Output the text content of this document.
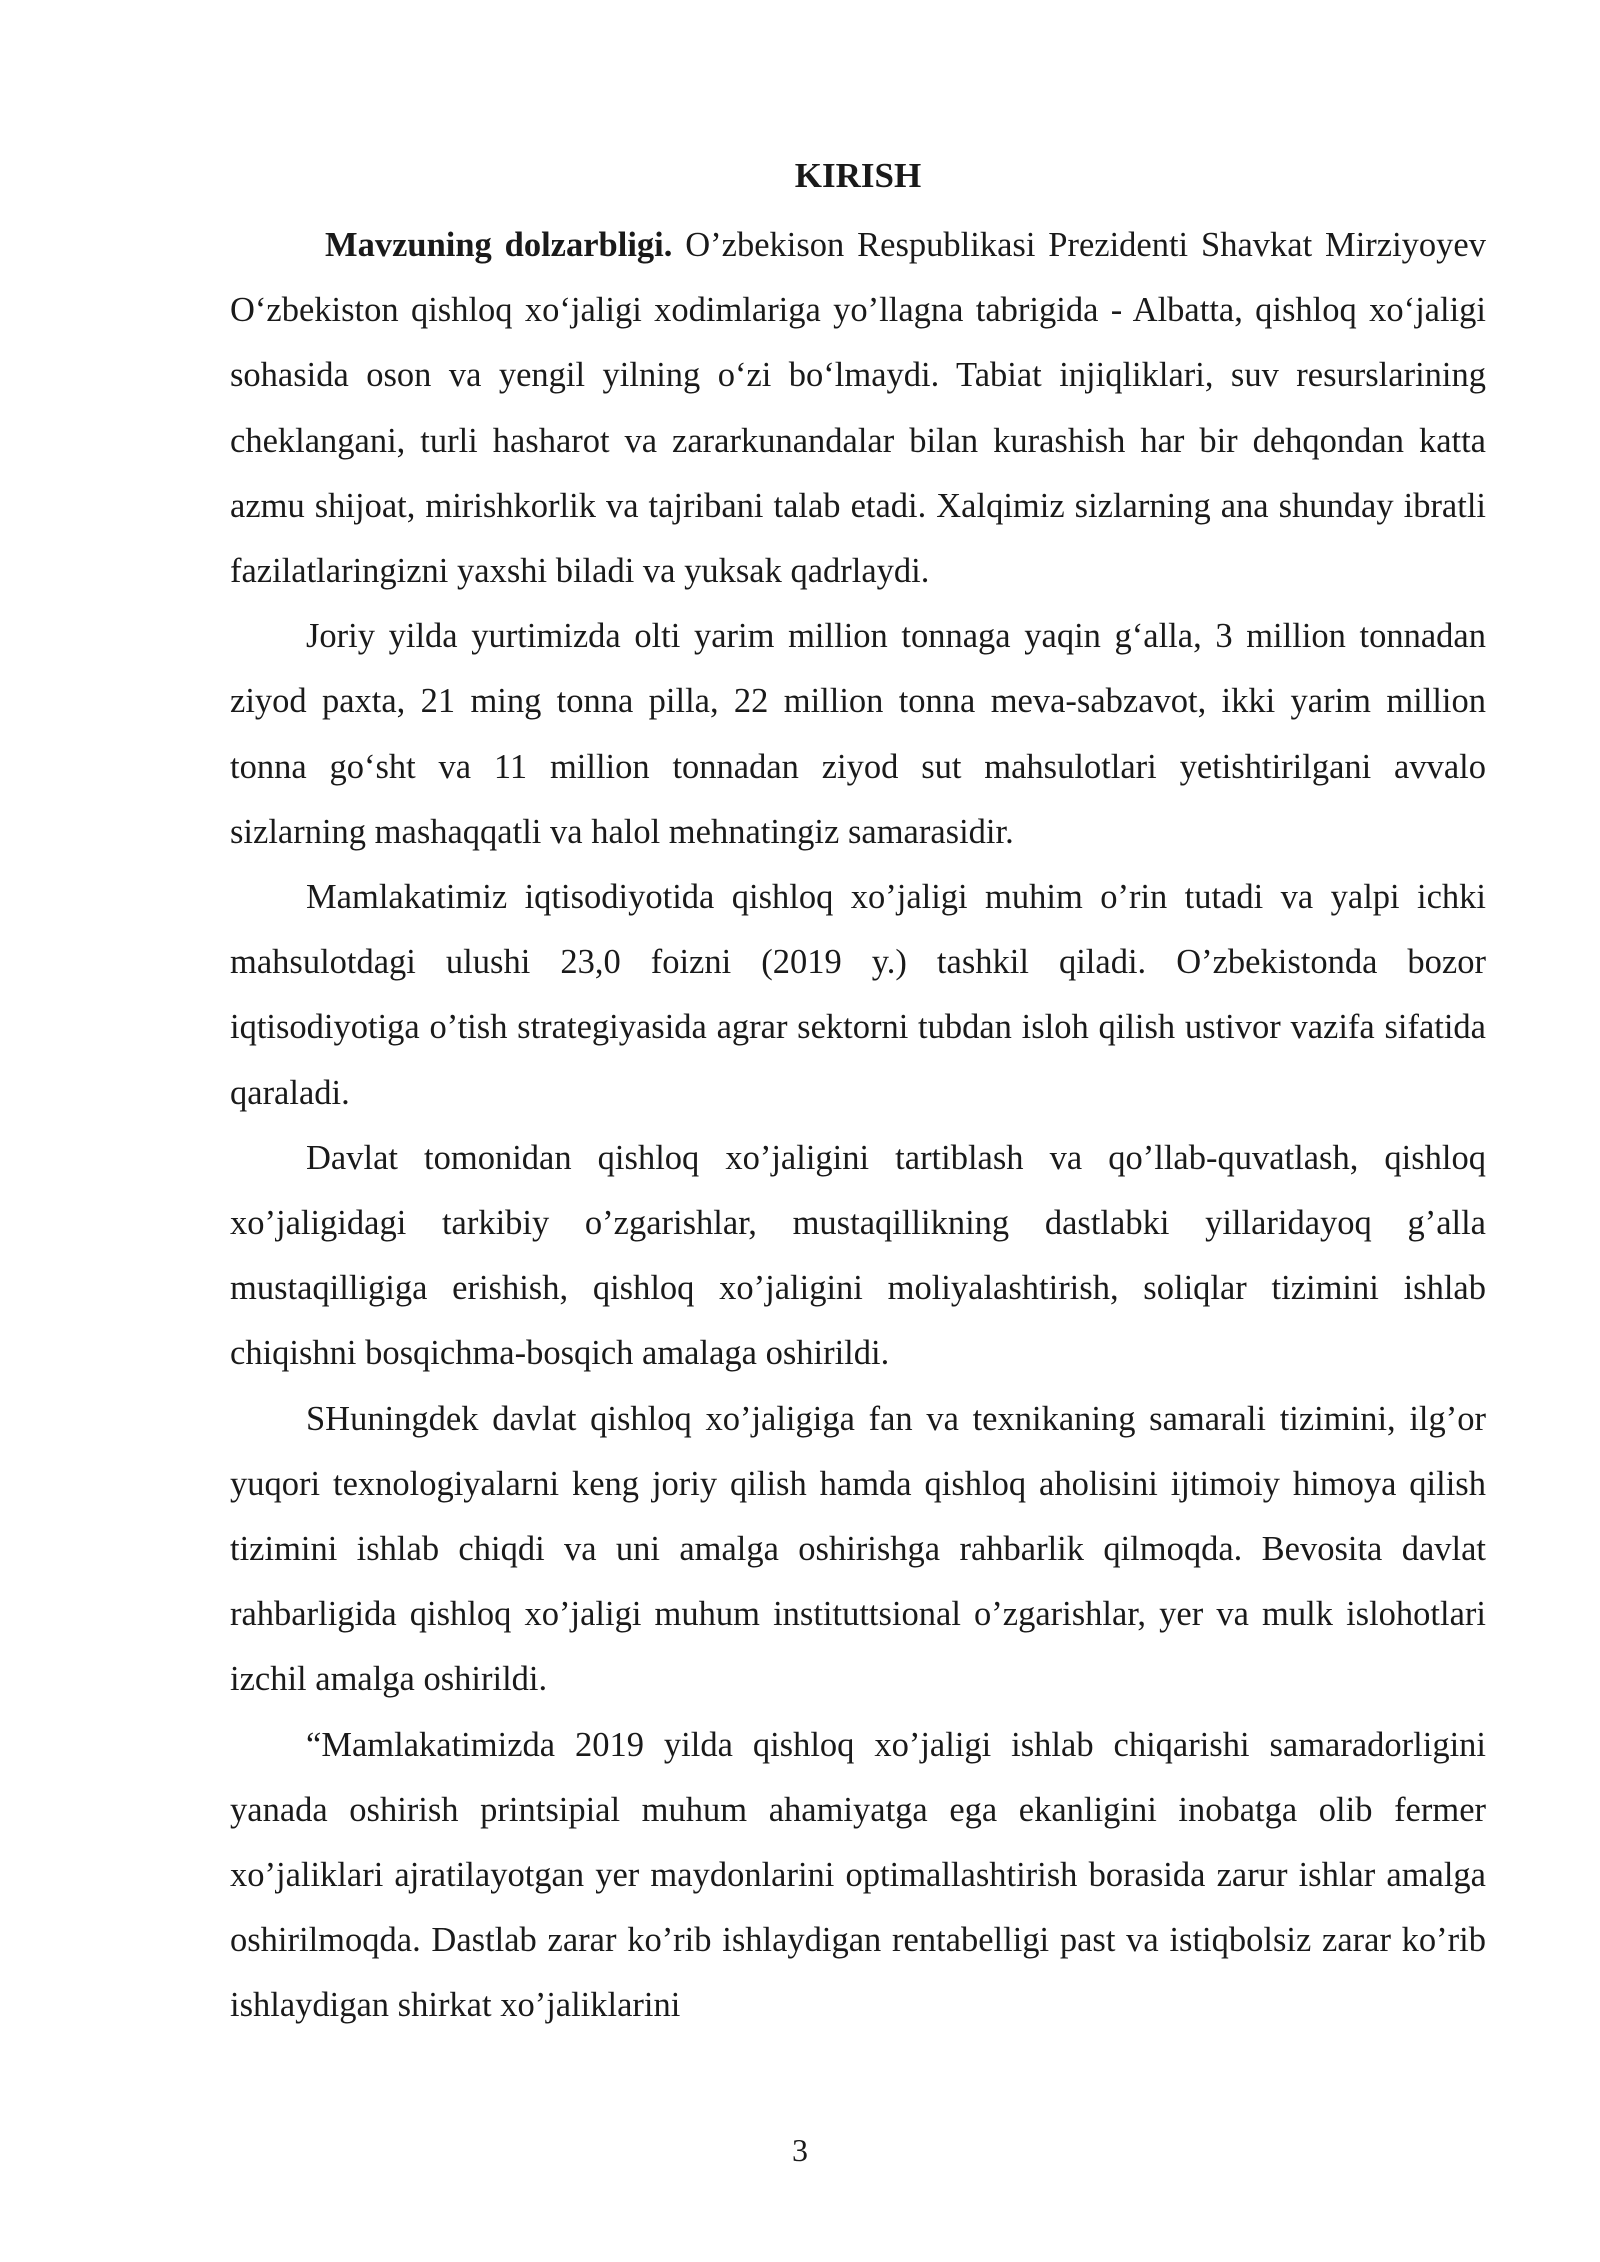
KIRISH

Mavzuning dolzarbligi. O’zbekison Respublikasi Prezidenti Shavkat Mirziyoyev O‘zbekiston qishloq xo‘jaligi xodimlariga yo’llagna tabrigida - Albatta, qishloq xo‘jaligi sohasida oson va yengil yilning o‘zi bo‘lmaydi. Tabiat injiqliklari, suv resurslarining cheklangani, turli hasharot va zararkunandalar bilan kurashish har bir dehqondan katta azmu shijoat, mirishkorlik va tajribani talab etadi. Xalqimiz sizlarning ana shunday ibratli fazilatlaringizni yaxshi biladi va yuksak qadrlaydi.

Joriy yilda yurtimizda olti yarim million tonnaga yaqin g‘alla, 3 million tonnadan ziyod paxta, 21 ming tonna pilla, 22 million tonna meva-sabzavot, ikki yarim million tonna go‘sht va 11 million tonnadan ziyod sut mahsulotlari yetishtirilgani avvalo sizlarning mashaqqatli va halol mehnatingiz samarasidir.

Mamlakatimiz iqtisodiyotida qishloq xo’jaligi muhim o’rin tutadi va yalpi ichki mahsulotdagi ulushi 23,0 foizni (2019 y.) tashkil qiladi. O’zbekistonda bozor iqtisodiyotiga o’tish strategiyasida agrar sektorni tubdan isloh qilish ustivor vazifa sifatida qaraladi.

Davlat tomonidan qishloq xo’jaligini tartiblash va qo’llab-quvatlash, qishloq xo’jaligidagi tarkibiy o’zgarishlar, mustaqillikning dastlabki yillaridayoq g’alla mustaqilligiga erishish, qishloq xo’jaligini moliyalashtirish, soliqlar tizimini ishlab chiqishni bosqichma-bosqich amalaga oshirildi.

SHuningdek davlat qishloq xo’jaligiga fan va texnikaning samarali tizimini, ilg’or yuqori texnologiyalarni keng joriy qilish hamda qishloq aholisini ijtimoiy himoya qilish tizimini ishlab chiqdi va uni amalga oshirishga rahbarlik qilmoqda. Bevosita davlat rahbarligida qishloq xo’jaligi muhum instituttsional o’zgarishlar, yer va mulk islohotlari izchil amalga oshirildi.

“Mamlakatimizda 2019 yilda qishloq xo’jaligi ishlab chiqarishi samaradorligini yanada oshirish printsipial muhum ahamiyatga ega ekanligini inobatga olib fermer xo’jaliklari ajratilayotgan yer maydonlarini optimallashtirish borasida zarur ishlar amalga oshirilmoqda. Dastlab zarar ko’rib ishlaydigan rentabelligi past va istiqbolsiz zarar ko’rib ishlaydigan shirkat xo’jaliklarini

3
